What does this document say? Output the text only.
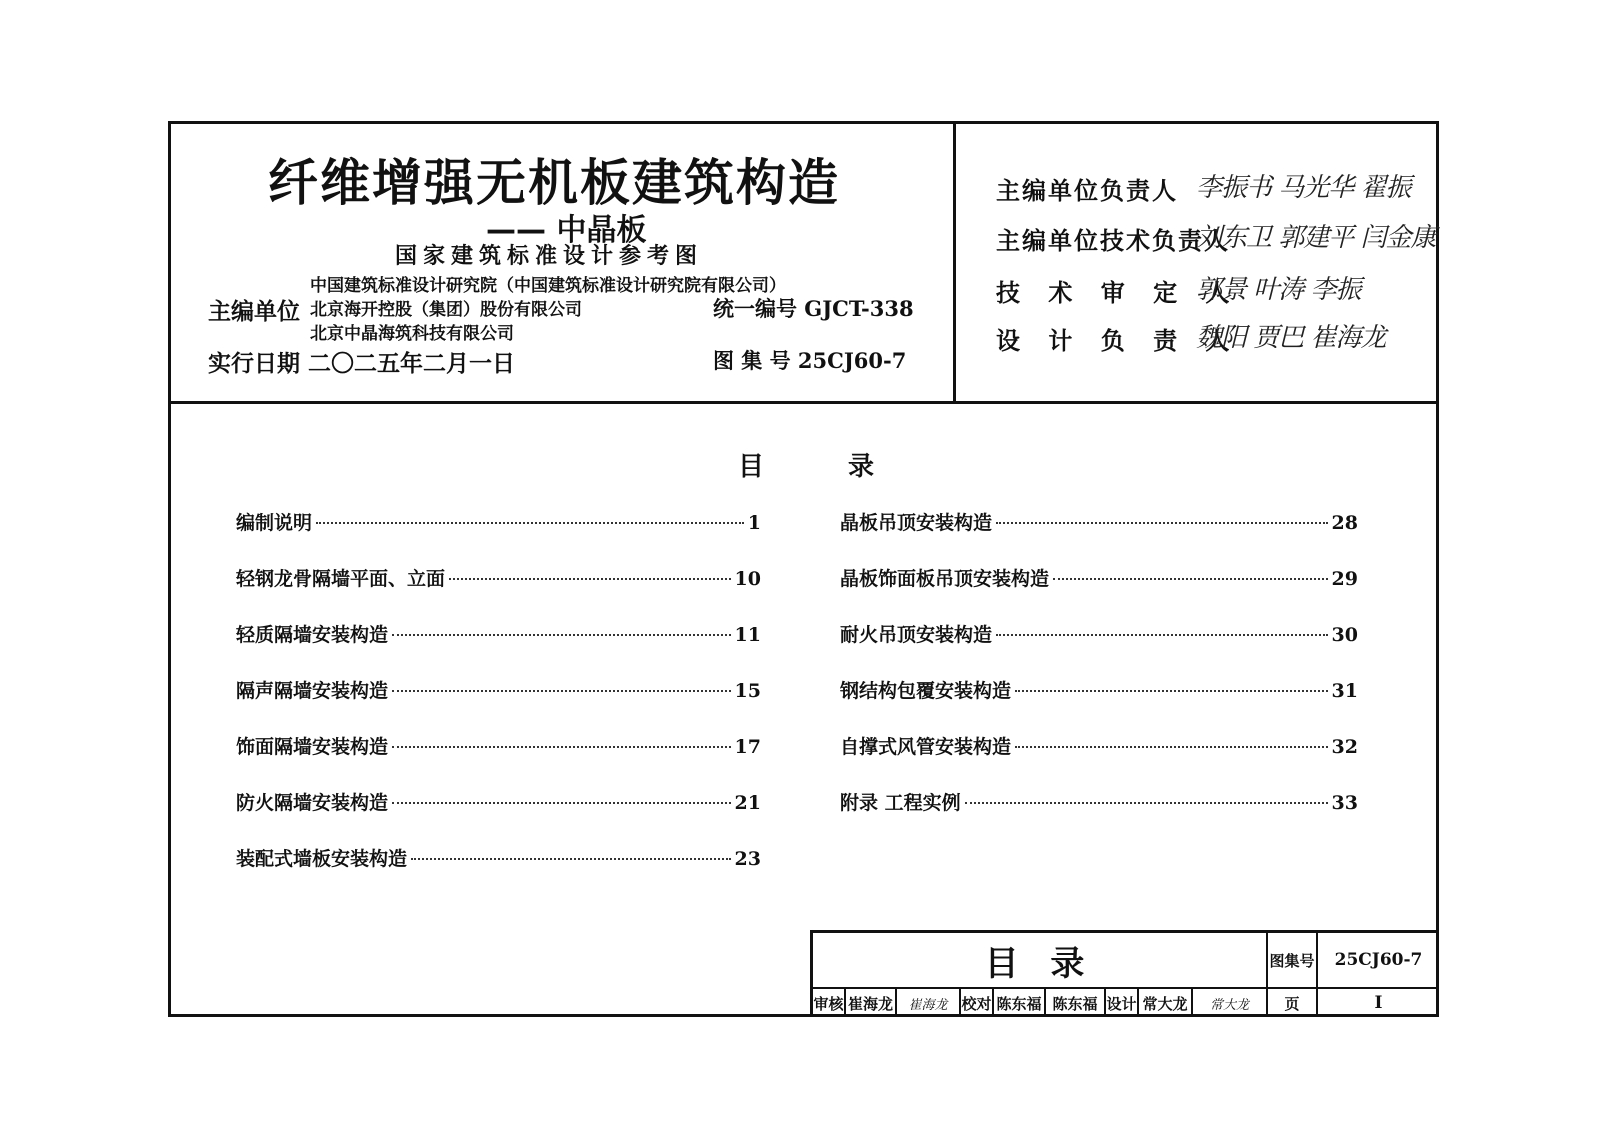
纤维增强无机板建筑构造
—— 中晶板
国家建筑标准设计参考图
主编单位
中国建筑标准设计研究院（中国建筑标准设计研究院有限公司）
北京海开控股（集团）股份有限公司
北京中晶海筑科技有限公司
统一编号 GJCT-338
实行日期 二〇二五年二月一日	图 集 号 25CJ60-7
主编单位负责人 李振书 马光华 翟振
主编单位技术负责人
刘东卫 郭建平 闫金康
技 术 审 定 人
郭景 叶涛 李振
设 计 负 责 人
魏阳 贾巴 崔海龙
目	录
编制说明	1
轻钢龙骨隔墙平面、立面	10
轻质隔墙安装构造	11
隔声隔墙安装构造	15
饰面隔墙安装构造	17
防火隔墙安装构造	21
装配式墙板安装构造	23
晶板吊顶安装构造	28
晶板饰面板吊顶安装构造	29
耐火吊顶安装构造	30
钢结构包覆安装构造	31
自撑式风管安装构造	32
附录 工程实例	33
目 录	图集号	25CJ60-7
审核 崔海龙	崔海龙 校对 陈东福 陈东福 设计 常大龙	常大龙	页	I
